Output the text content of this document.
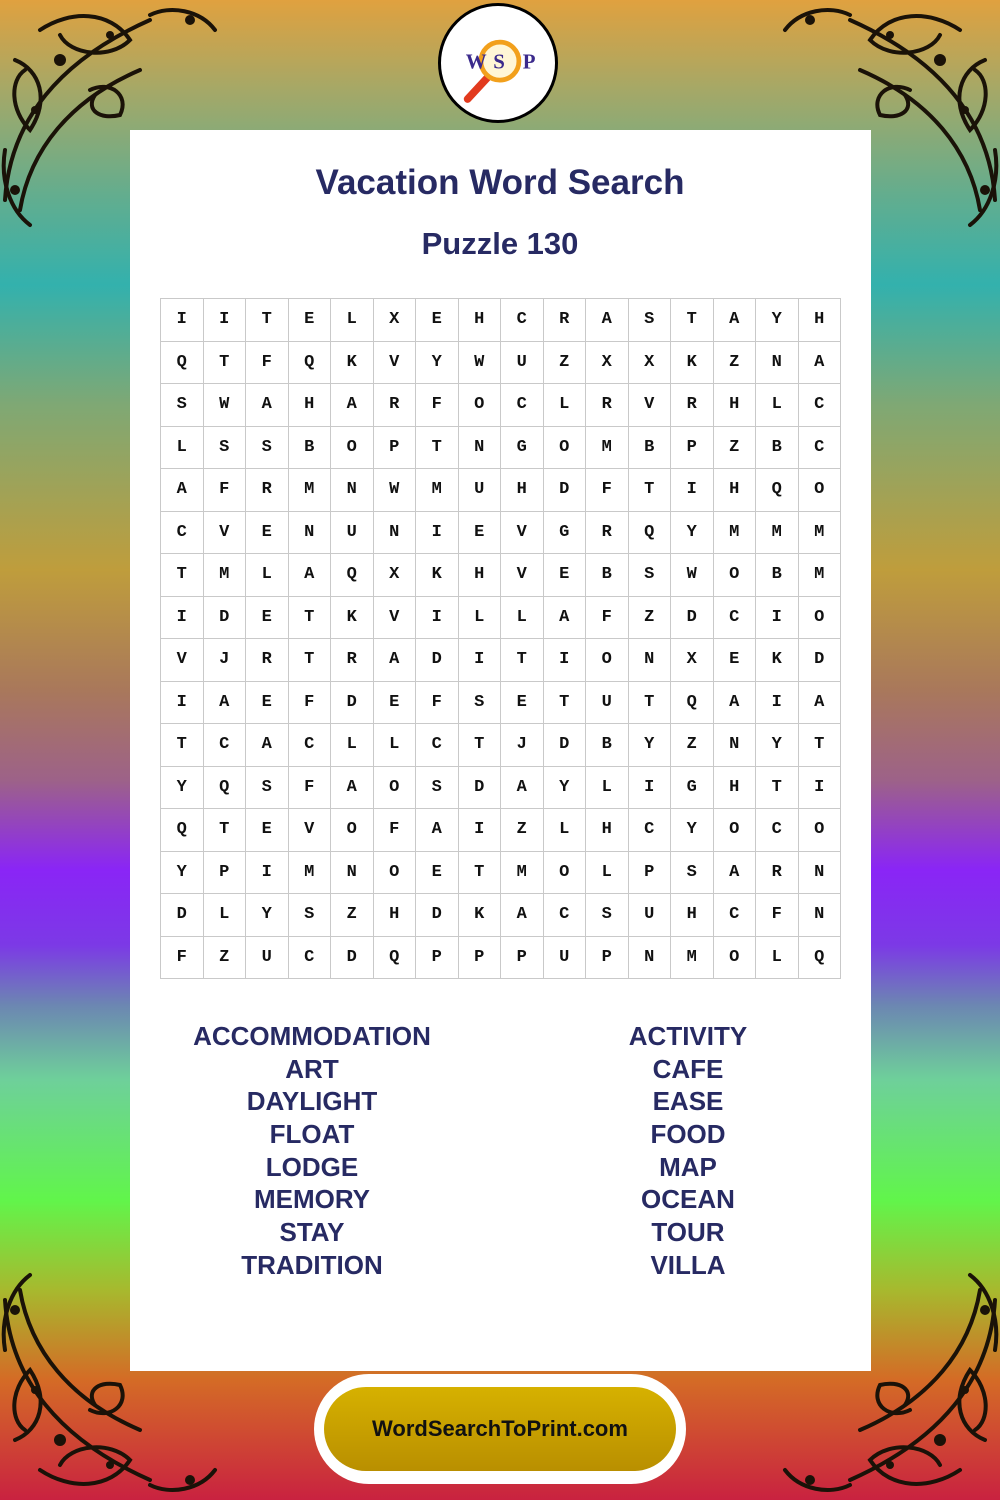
W S P
Vacation Word Search
Puzzle 130
I	I	T	E	L	X	E	H	C	R	A	S	T	A	Y	H
Q	T	F	Q	K	V	Y	W	U	Z	X	X	K	Z	N	A
S	W	A	H	A	R	F	O	C	L	R	V	R	H	L	C
L	S	S	B	O	P	T	N	G	O	M	B	P	Z	B	C
A	F	R	M	N	W	M	U	H	D	F	T	I	H	Q	O
C	V	E	N	U	N	I	E	V	G	R	Q	Y	M	M	M
T	M	L	A	Q	X	K	H	V	E	B	S	W	O	B	M
I	D	E	T	K	V	I	L	L	A	F	Z	D	C	I	O
V	J	R	T	R	A	D	I	T	I	O	N	X	E	K	D
I	A	E	F	D	E	F	S	E	T	U	T	Q	A	I	A
T	C	A	C	L	L	C	T	J	D	B	Y	Z	N	Y	T
Y	Q	S	F	A	O	S	D	A	Y	L	I	G	H	T	I
Q	T	E	V	O	F	A	I	Z	L	H	C	Y	O	C	O
Y	P	I	M	N	O	E	T	M	O	L	P	S	A	R	N
D	L	Y	S	Z	H	D	K	A	C	S	U	H	C	F	N
F	Z	U	C	D	Q	P	P	P	U	P	N	M	O	L	Q
ACCOMMODATION
ART
DAYLIGHT
FLOAT
LODGE
MEMORY
STAY
TRADITION
ACTIVITY
CAFE
EASE
FOOD
MAP
OCEAN
TOUR
VILLA
WordSearchToPrint.com
